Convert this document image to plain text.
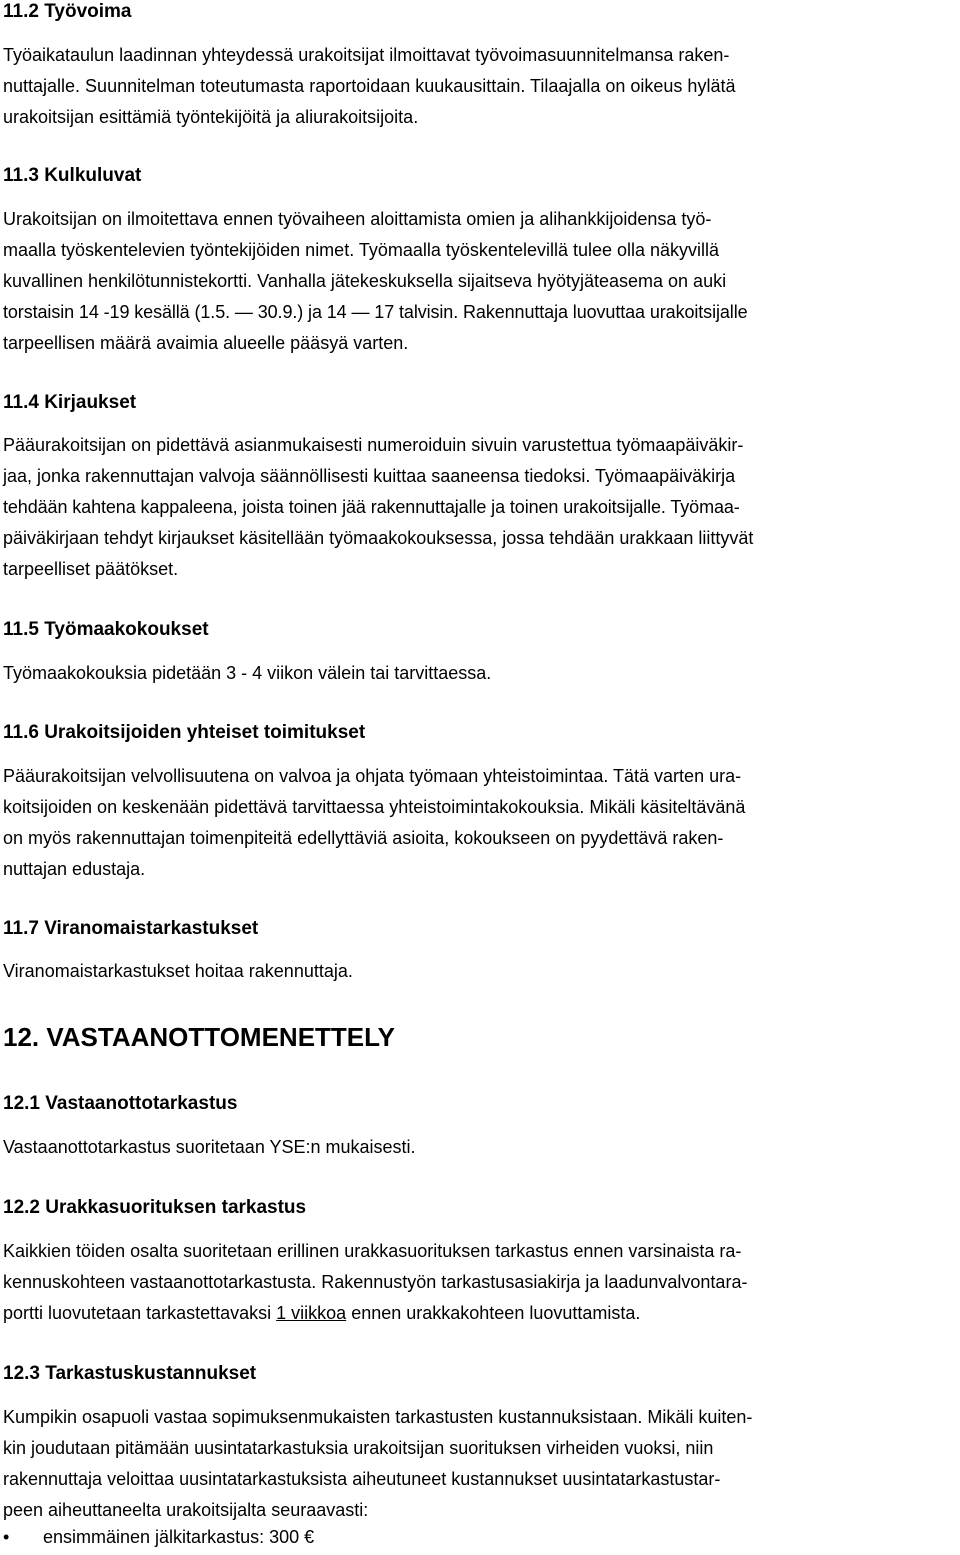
11.2 Työvoima
Työaikataulun laadinnan yhteydessä urakoitsijat ilmoittavat työvoimasuunnitelmansa raken-
nuttajalle. Suunnitelman toteutumasta raportoidaan kuukausittain. Tilaajalla on oikeus hylätä
urakoitsijan esittämiä työntekijöitä ja aliurakoitsijoita.
11.3 Kulkuluvat
Urakoitsijan on ilmoitettava ennen työvaiheen aloittamista omien ja alihankkijoidensa työ-
maalla työskentelevien työntekijöiden nimet. Työmaalla työskentelevillä tulee olla näkyvillä
kuvallinen henkilötunnistekortti. Vanhalla jätekeskuksella sijaitseva hyötyjäteasema on auki
torstaisin 14 -19 kesällä (1.5. — 30.9.) ja 14 — 17 talvisin. Rakennuttaja luovuttaa urakoitsijalle
tarpeellisen määrä avaimia alueelle pääsyä varten.
11.4 Kirjaukset
Pääurakoitsijan on pidettävä asianmukaisesti numeroiduin sivuin varustettua työmaapäiväkir-
jaa, jonka rakennuttajan valvoja säännöllisesti kuittaa saaneensa tiedoksi. Työmaapäiväkirja
tehdään kahtena kappaleena, joista toinen jää rakennuttajalle ja toinen urakoitsijalle. Työmaa-
päiväkirjaan tehdyt kirjaukset käsitellään työmaakokouksessa, jossa tehdään urakkaan liittyvät
tarpeelliset päätökset.
11.5 Työmaakokoukset
Työmaakokouksia pidetään 3 - 4 viikon välein tai tarvittaessa.
11.6 Urakoitsijoiden yhteiset toimitukset
Pääurakoitsijan velvollisuutena on valvoa ja ohjata työmaan yhteistoimintaa. Tätä varten ura-
koitsijoiden on keskenään pidettävä tarvittaessa yhteistoimintakokouksia. Mikäli käsiteltävänä
on myös rakennuttajan toimenpiteitä edellyttäviä asioita, kokoukseen on pyydettävä raken-
nuttajan edustaja.
11.7 Viranomaistarkastukset
Viranomaistarkastukset hoitaa rakennuttaja.
12. VASTAANOTTOMENETTELY
12.1 Vastaanottotarkastus
Vastaanottotarkastus suoritetaan YSE:n mukaisesti.
12.2 Urakkasuorituksen tarkastus
Kaikkien töiden osalta suoritetaan erillinen urakkasuorituksen tarkastus ennen varsinaista ra-
kennuskohteen vastaanottotarkastusta. Rakennustyön tarkastusasiakirja ja laadunvalvontara-
portti luovutetaan tarkastettavaksi 1 viikkoa ennen urakkakohteen luovuttamista.
12.3 Tarkastuskustannukset
Kumpikin osapuoli vastaa sopimuksenmukaisten tarkastusten kustannuksistaan. Mikäli kuiten-
kin joudutaan pitämään uusintatarkastuksia urakoitsijan suorituksen virheiden vuoksi, niin
rakennuttaja veloittaa uusintatarkastuksista aiheutuneet kustannukset uusintatarkastustar-
peen aiheuttaneelta urakoitsijalta seuraavasti:
• ensimmäinen jälkitarkastus: 300 €
